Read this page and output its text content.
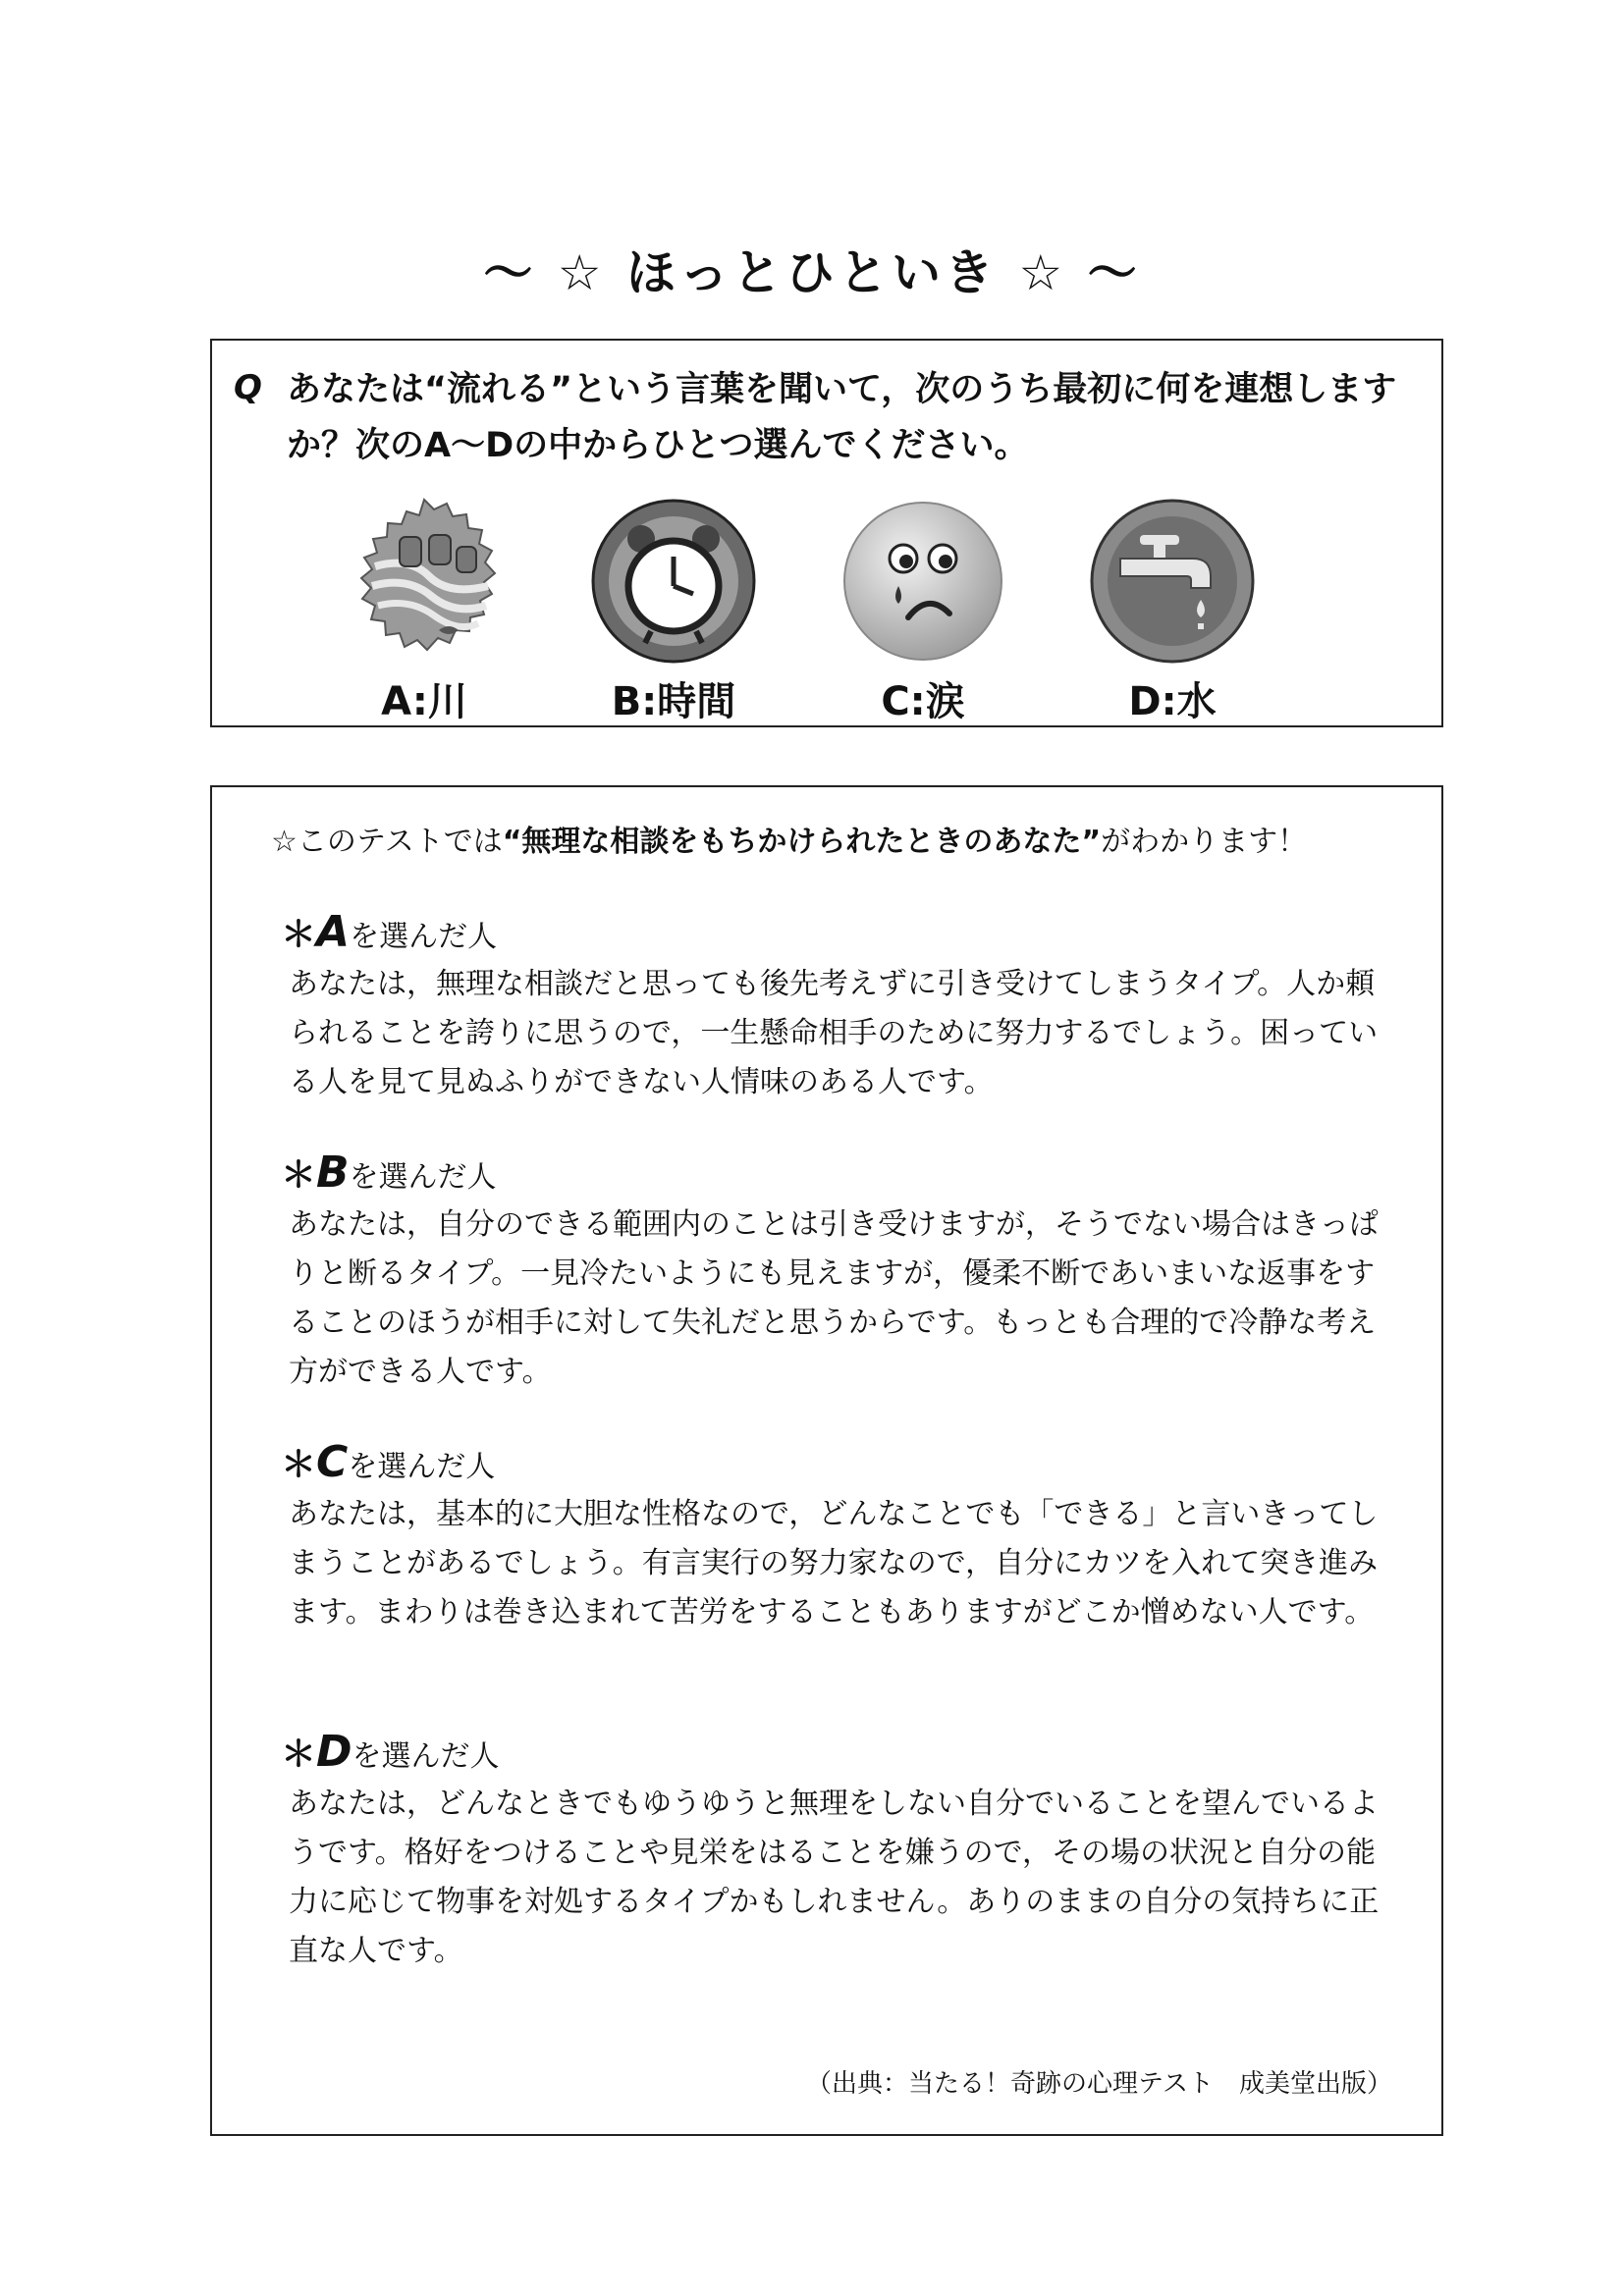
〜 ☆ ほっとひといき ☆ 〜
Q あなたは“流れる”という言葉を聞いて，次のうち最初に何を連想しますか？次のA〜Dの中からひとつ選んでください。
A:川	B:時間	C:涙	D:水
☆このテストでは“無理な相談をもちかけられたときのあなた”がわかります！
＊Aを選んだ人
あなたは，無理な相談だと思っても後先考えずに引き受けてしまうタイプ。人か頼られることを誇りに思うので，一生懸命相手のために努力するでしょう。困っている人を見て見ぬふりができない人情味のある人です。
＊Bを選んだ人
あなたは，自分のできる範囲内のことは引き受けますが，そうでない場合はきっぱりと断るタイプ。一見冷たいようにも見えますが，優柔不断であいまいな返事をすることのほうが相手に対して失礼だと思うからです。もっとも合理的で冷静な考え方ができる人です。
＊Cを選んだ人
あなたは，基本的に大胆な性格なので，どんなことでも「できる」と言いきってしまうことがあるでしょう。有言実行の努力家なので，自分にカツを入れて突き進みます。まわりは巻き込まれて苦労をすることもありますがどこか憎めない人です。
＊Dを選んだ人
あなたは，どんなときでもゆうゆうと無理をしない自分でいることを望んでいるようです。格好をつけることや見栄をはることを嫌うので，その場の状況と自分の能力に応じて物事を対処するタイプかもしれません。ありのままの自分の気持ちに正直な人です。
（出典：当たる！奇跡の心理テスト　成美堂出版）
